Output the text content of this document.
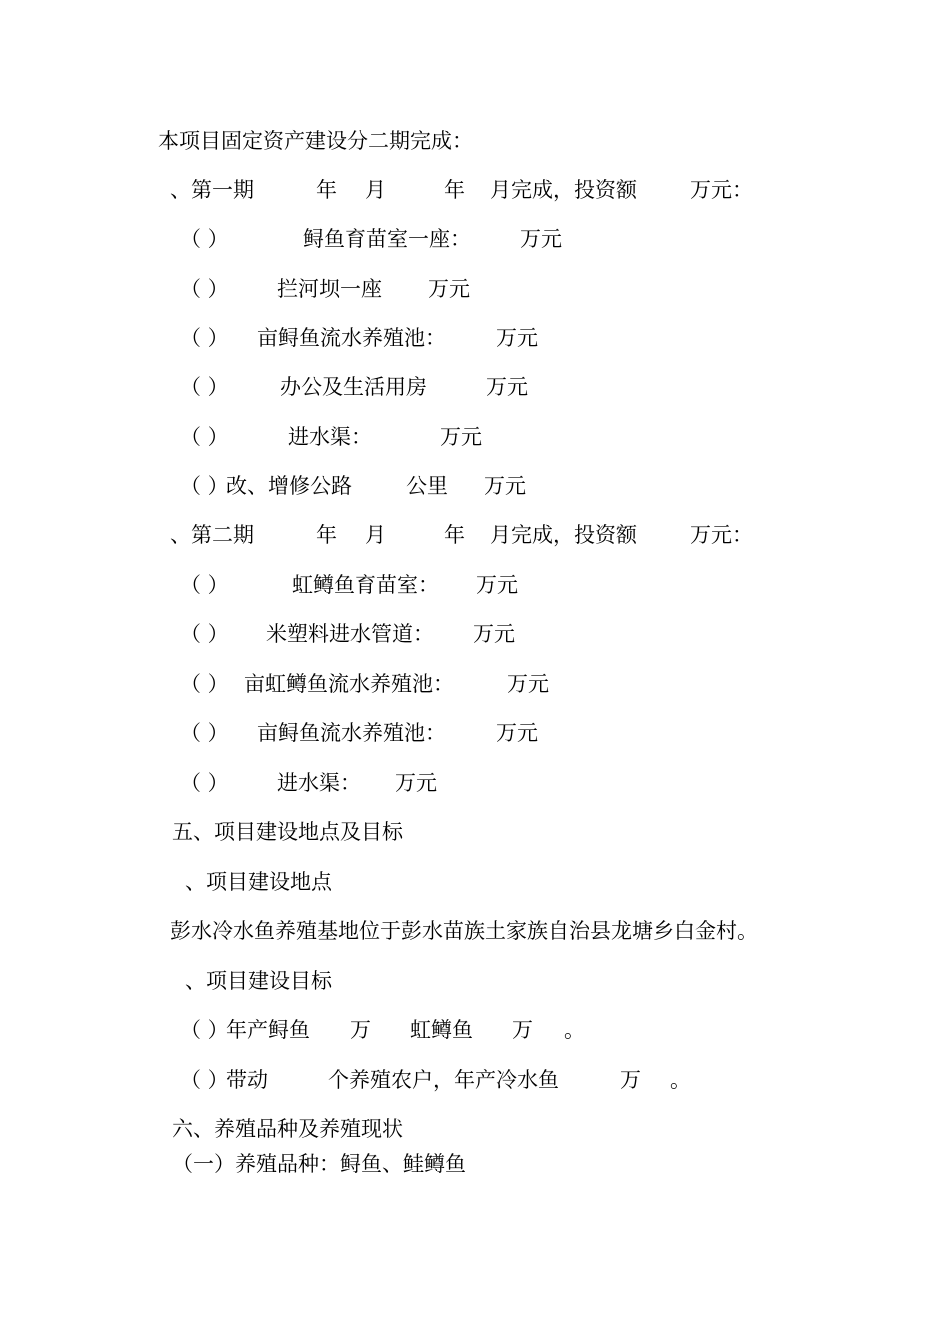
本项目固定资产建设分二期完成：
、第一期	年 月	年 月完成，投资额	万元：
（ ）	鲟鱼育苗室一座： 万元
（ ） 拦河坝一座 万元
（ ） 亩鲟鱼流水养殖池： 万元
（ ） 办公及生活用房	万元
（ ）	进水渠：	万元
（ ）
改、增修公路	公里 万元
、第二期	年 月	年 月完成，投资额	万元：
（ ）	虹鳟鱼育苗室： 万元
（ ） 米塑料进水管道： 万元
（ ） 亩虹鳟鱼流水养殖池：	万元
（ ） 亩鲟鱼流水养殖池： 万元
（ ） 进水渠： 万元
五、项目建设地点及目标
、项目建设地点
彭水冷水鱼养殖基地位于彭水苗族土家族自治县龙塘乡白金村。
、项目建设目标
（ ）
年产鲟鱼 万 虹鳟鱼 万 。
（ ）
带动	个养殖农户，年产冷水鱼	万 。
六、养殖品种及养殖现状
（一）养殖品种：鲟鱼、鲑鳟鱼
